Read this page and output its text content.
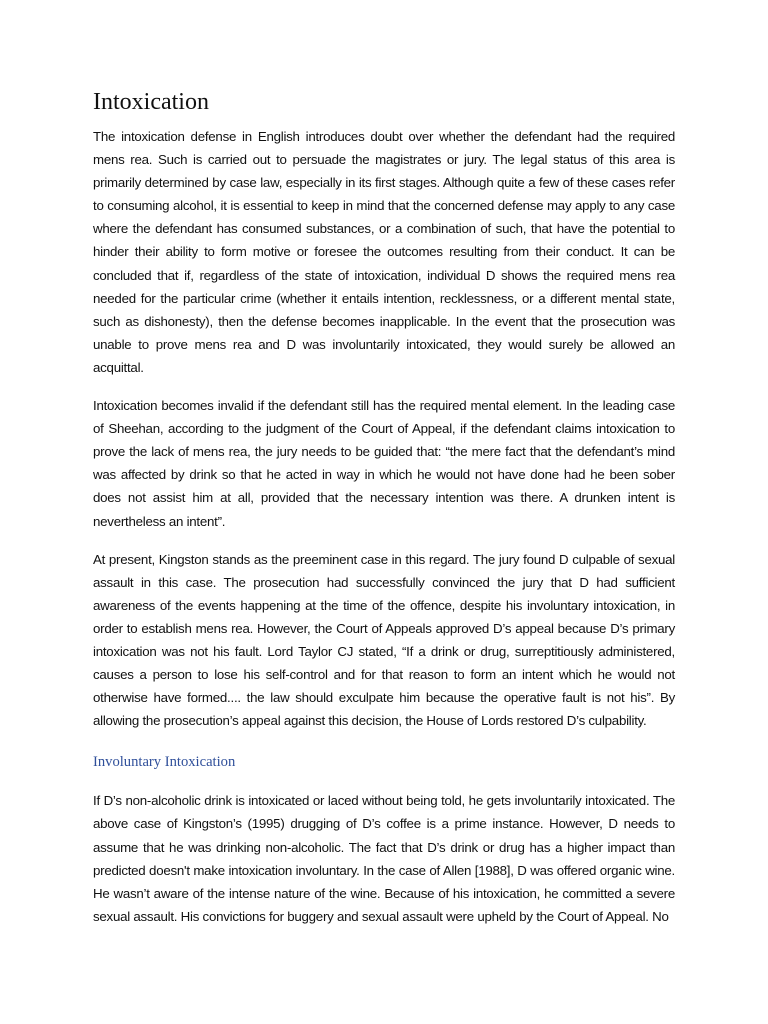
Intoxication

The intoxication defense in English introduces doubt over whether the defendant had the required mens rea. Such is carried out to persuade the magistrates or jury. The legal status of this area is primarily determined by case law, especially in its first stages. Although quite a few of these cases refer to consuming alcohol, it is essential to keep in mind that the concerned defense may apply to any case where the defendant has consumed substances, or a combination of such, that have the potential to hinder their ability to form motive or foresee the outcomes resulting from their conduct. It can be concluded that if, regardless of the state of intoxication, individual D shows the required mens rea needed for the particular crime (whether it entails intention, recklessness, or a different mental state, such as dishonesty), then the defense becomes inapplicable. In the event that the prosecution was unable to prove mens rea and D was involuntarily intoxicated, they would surely be allowed an acquittal.

Intoxication becomes invalid if the defendant still has the required mental element. In the leading case of Sheehan, according to the judgment of the Court of Appeal, if the defendant claims intoxication to prove the lack of mens rea, the jury needs to be guided that: “the mere fact that the defendant’s mind was affected by drink so that he acted in way in which he would not have done had he been sober does not assist him at all, provided that the necessary intention was there. A drunken intent is nevertheless an intent”.

At present, Kingston stands as the preeminent case in this regard. The jury found D culpable of sexual assault in this case. The prosecution had successfully convinced the jury that D had sufficient awareness of the events happening at the time of the offence, despite his involuntary intoxication, in order to establish mens rea. However, the Court of Appeals approved D’s appeal because D’s primary intoxication was not his fault. Lord Taylor CJ stated, “If a drink or drug, surreptitiously administered, causes a person to lose his self-control and for that reason to form an intent which he would not otherwise have formed.... the law should exculpate him because the operative fault is not his”. By allowing the prosecution’s appeal against this decision, the House of Lords restored D’s culpability.

Involuntary Intoxication

If D’s non-alcoholic drink is intoxicated or laced without being told, he gets involuntarily intoxicated. The above case of Kingston’s (1995) drugging of D’s coffee is a prime instance. However, D needs to assume that he was drinking non-alcoholic. The fact that D’s drink or drug has a higher impact than predicted doesn't make intoxication involuntary. In the case of Allen [1988], D was offered organic wine. He wasn’t aware of the intense nature of the wine. Because of his intoxication, he committed a severe sexual assault. His convictions for buggery and sexual assault were upheld by the Court of Appeal. No
